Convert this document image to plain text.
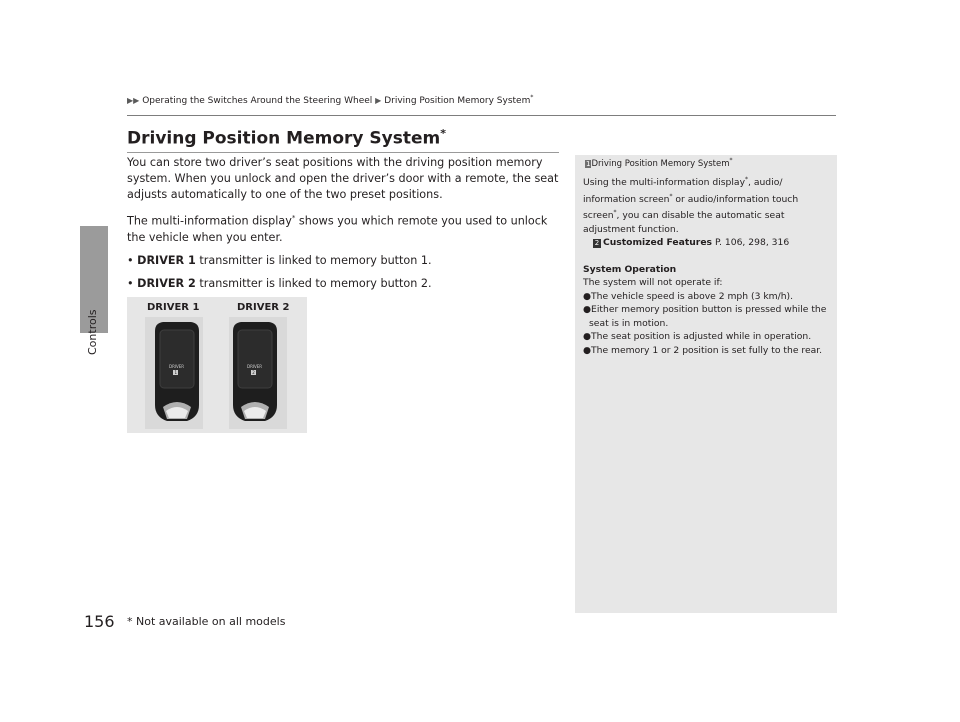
Controls
▶▶ Operating the Switches Around the Steering Wheel ▶ Driving Position Memory System*
Driving Position Memory System*

You can store two driver’s seat positions with the driving position memory system. When you unlock and open the driver’s door with a remote, the seat adjusts automatically to one of the two preset positions.

The multi-information display* shows you which remote you used to unlock the vehicle when you enter.

• DRIVER 1 transmitter is linked to memory button 1.

• DRIVER 2 transmitter is linked to memory button 2.

DRIVER 1	DRIVER 2
DRIVER
1
DRIVER
2
1Driving Position Memory System*

Using the multi-information display*, audio/

information screen* or audio/information touch

screen*, you can disable the automatic seat

adjustment function.

2 Customized Features P. 106, 298, 316

System Operation

The system will not operate if:

●The vehicle speed is above 2 mph (3 km/h).

●Either memory position button is pressed while the seat is in motion.

●The seat position is adjusted while in operation.

●The memory 1 or 2 position is set fully to the rear.

156 * Not available on all models
